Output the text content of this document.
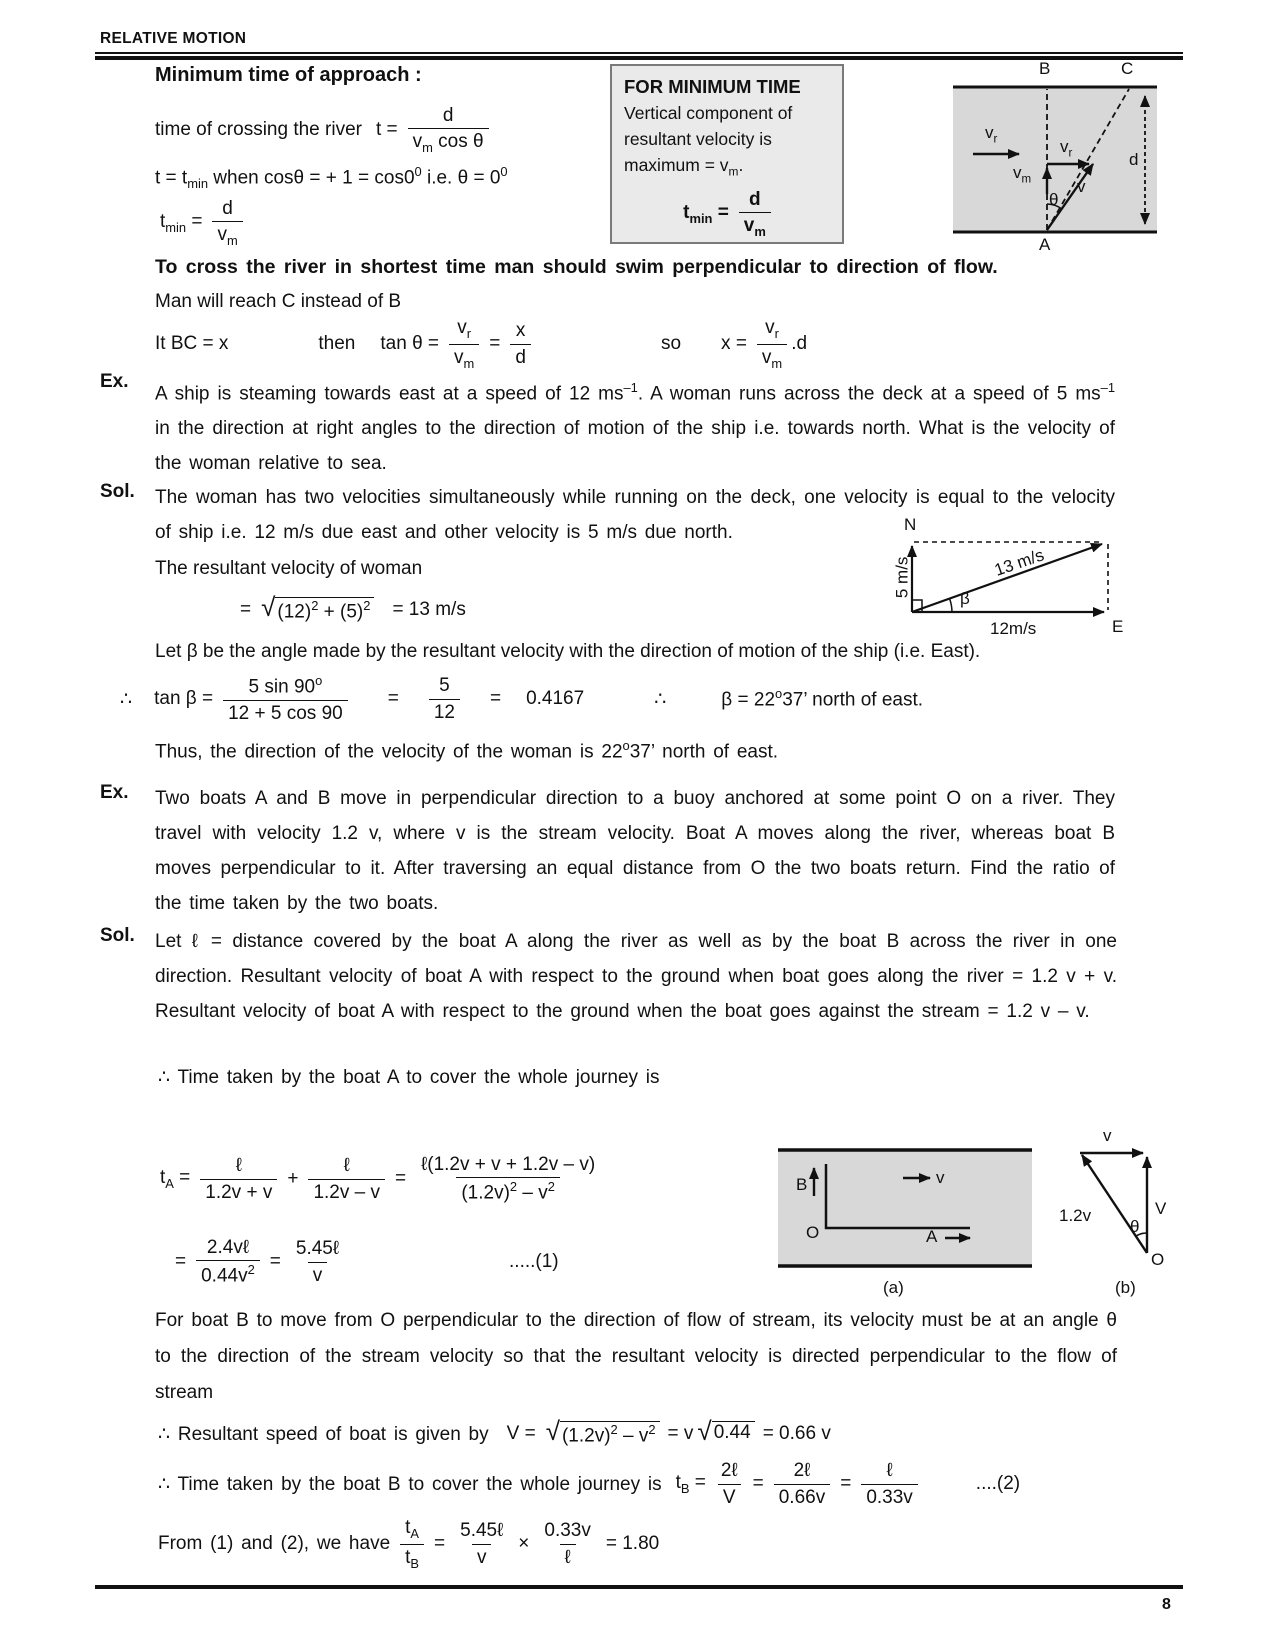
RELATIVE MOTION
Minimum time of approach :
time of crossing the river $t = \frac{d}{v_m \cos \theta}$
$t = t_{min}$ when cosθ = + $1 = \cos 0^0$ i.e. $\theta = 0^0$
$t_{min} = \frac{d}{v_m}$
FOR MINIMUM TIME
Vertical component of
resultant velocity is
maximum = $v_m$.
$t_{min} = \frac{d}{v_m}$
B	C
A
d
$v_r$	$v_r$
$v_m$	v
θ
To cross the river in shortest time man should swim perpendicular to direction of flow.
Man will reach C instead of B
It BC = x	then $\tan \theta = \frac{v_r}{v_m} = \frac{x}{d}$	so $x = \frac{v_r}{v_m} .d$
Ex.
A ship is steaming towards east at a speed of 12 $ms^{-1}$. A woman runs across the deck at a speed of 5 $ms^{-1}$ in the direction at right angles to the direction of motion of the ship i.e. towards north. What is the velocity of the woman relative to sea.
Sol. The woman has two velocities simultaneously while running on the deck, one velocity is equal to the velocity of ship i.e. 12 m/s due east and other velocity is 5 m/s due north.	N
E
5 m/s	13 m/s
β
12m/s
The resultant velocity of woman
= √ $(12)^2 + (5)^2 = 13$ m/s
Let β be the angle made by the resultant velocity with the direction of motion of the ship (i.e. East).
∴ $\tan \beta = \frac{5 \sin 90^o}{12 + 5 \cos 90} = \frac{5}{12} = 0.4167$	∴	$\beta = 22^o37$’ north of east.
Thus, the direction of the velocity of the woman is 22$^o$37’ north of east.
Ex. Two boats A and B move in perpendicular direction to a buoy anchored at some point O on a river. They travel with velocity 1.2 v, where v is the stream velocity. Boat A moves along the river, whereas boat B moves perpendicular to it. After traversing an equal distance from O the two boats return. Find the ratio of the time taken by the two boats.
Sol. Let ℓ = distance covered by the boat A along the river as well as by the boat B across the river in one direction. Resultant velocity of boat A with respect to the ground when boat goes along the river = 1.2 v + v. Resultant velocity of boat A with respect to the ground when the boat goes against the stream = 1.2 v – v.
∴ Time taken by the boat A to cover the whole journey is
$t_A = \frac{\text{ℓ}}{1.2v + v} + \frac{\text{ℓ}}{1.2v - v} = \frac{\text{ℓ(1.2v + v + 1.2v – v)}}{(1.2v)^2 - v^2}$
= $\frac{\text{2.4vℓ}}{0.44v^2} = \frac{\text{5.45ℓ}}{v}$	.....(1)
B
O	A
v
(a)
v
1.2v	V
θ
O
(b)
For boat B to move from O perpendicular to the direction of flow of stream, its velocity must be at an angle θ to the direction of the stream velocity so that the resultant velocity is directed perpendicular to the flow of stream
∴ Resultant speed of boat is given by V = √ $(1.2v)^2 - v^2 = v$ √ 0.44 = 0.66 v
∴ Time taken by the boat B to cover the whole journey is $t_B = \frac{\text{2ℓ}}{V} = \frac{\text{2ℓ}}{0.66v} = \frac{\text{ℓ}}{0.33v}$	....(2)
From (1) and (2), we have $\frac{t_A}{t_B} = \frac{\text{5.45ℓ}}{v} \times \frac{0.33v}{\text{ℓ}} = 1.80$
8
